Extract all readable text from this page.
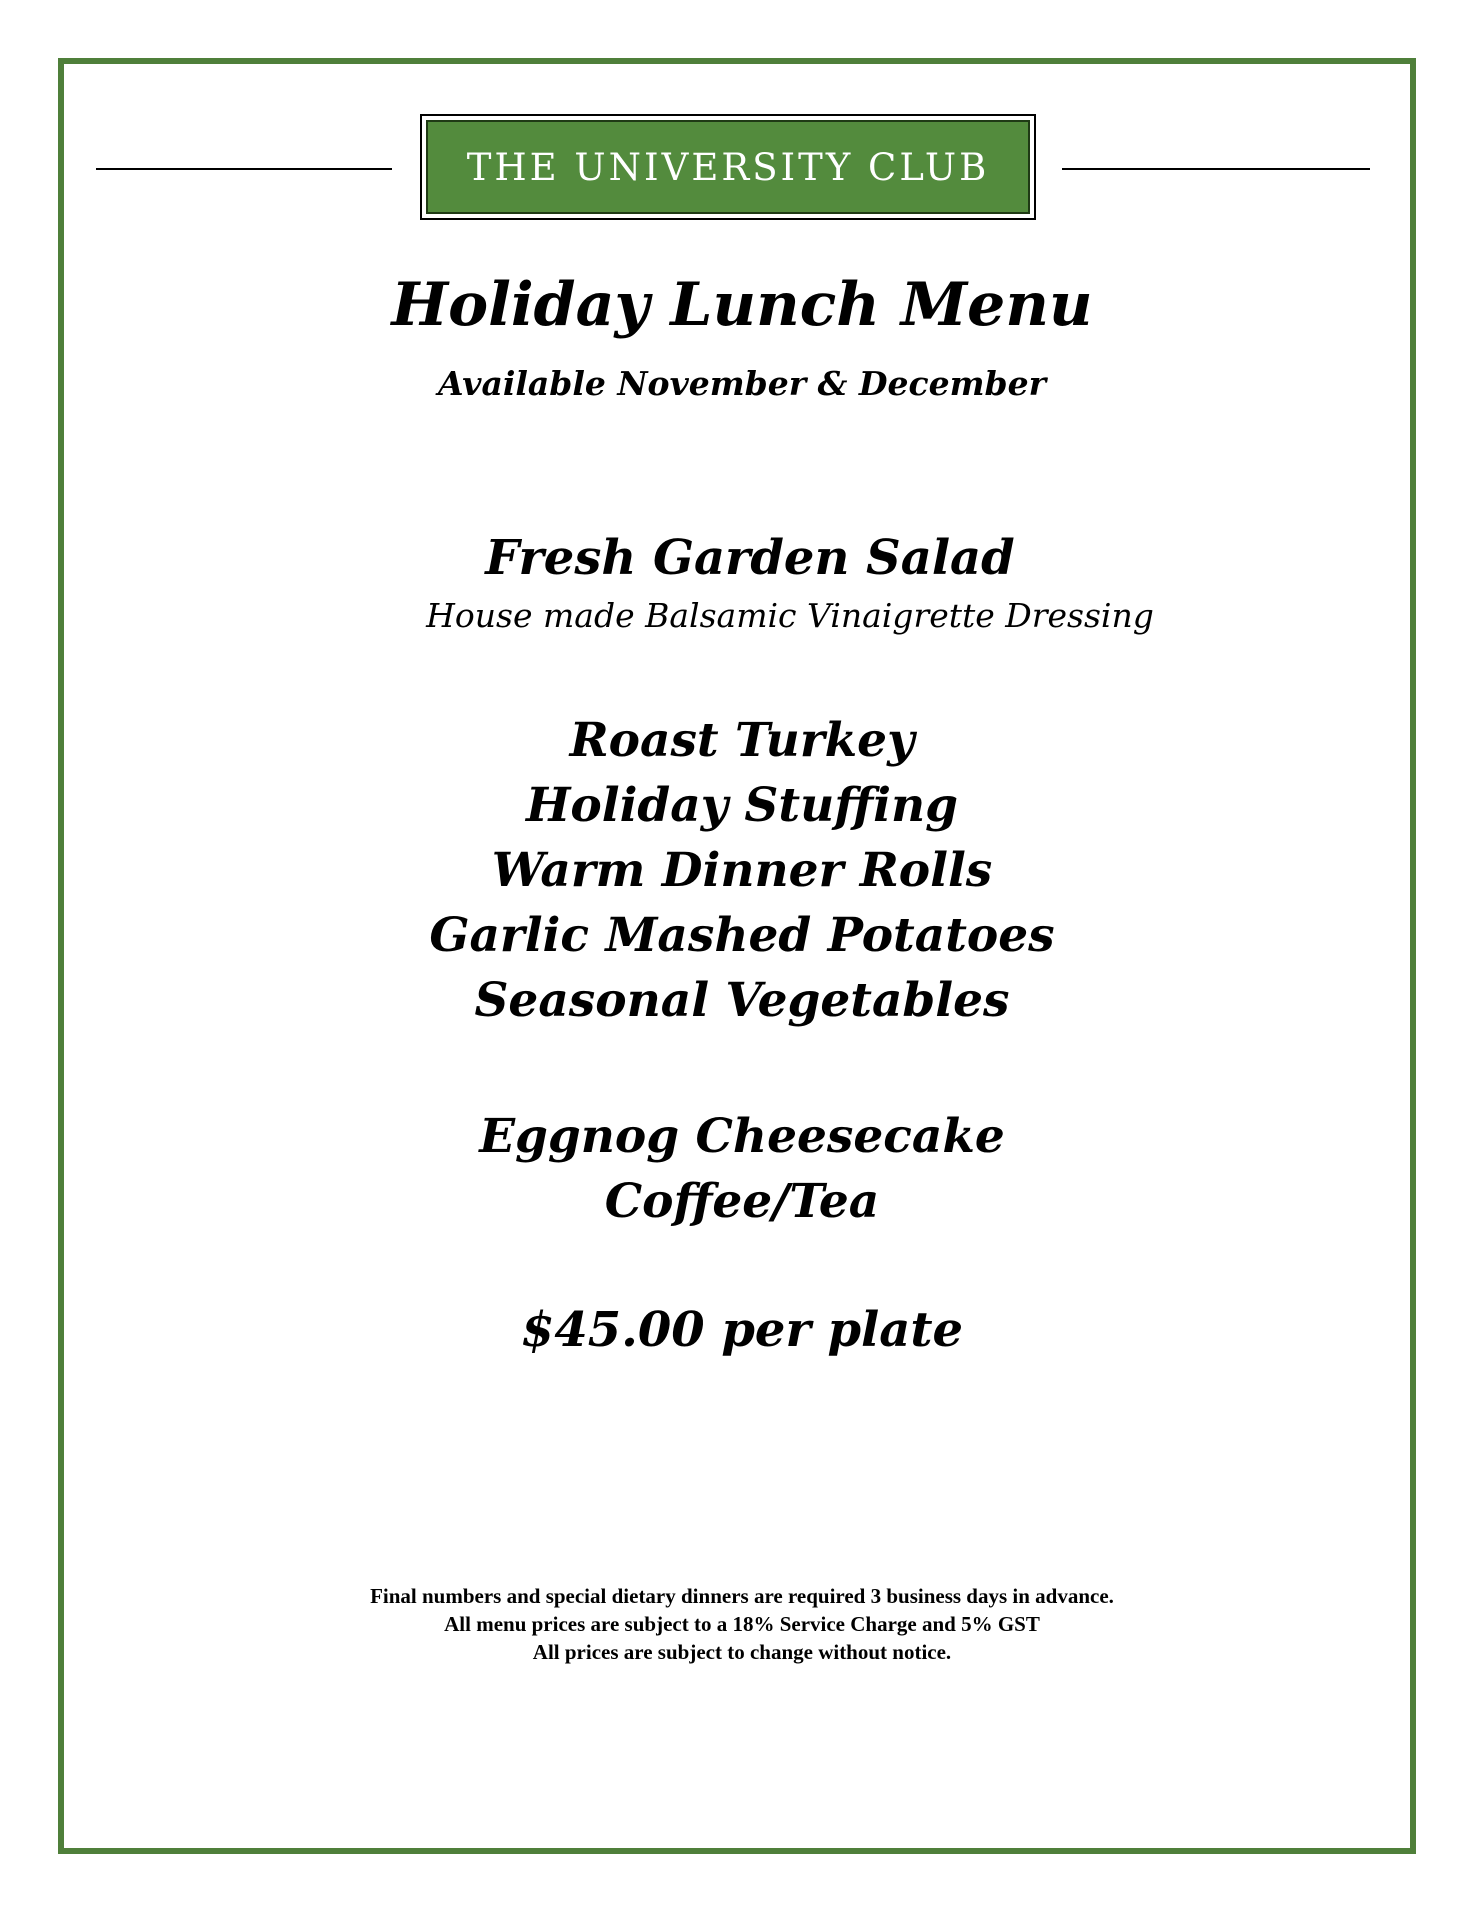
THE UNIVERSITY CLUB
Holiday Lunch Menu
Available November & December
Fresh Garden Salad
House made Balsamic Vinaigrette Dressing
Roast Turkey
Holiday Stuffing
Warm Dinner Rolls
Garlic Mashed Potatoes
Seasonal Vegetables
Eggnog Cheesecake
Coffee/Tea
$45.00 per plate
Final numbers and special dietary dinners are required 3 business days in advance.
All menu prices are subject to a 18% Service Charge and 5% GST
All prices are subject to change without notice.
